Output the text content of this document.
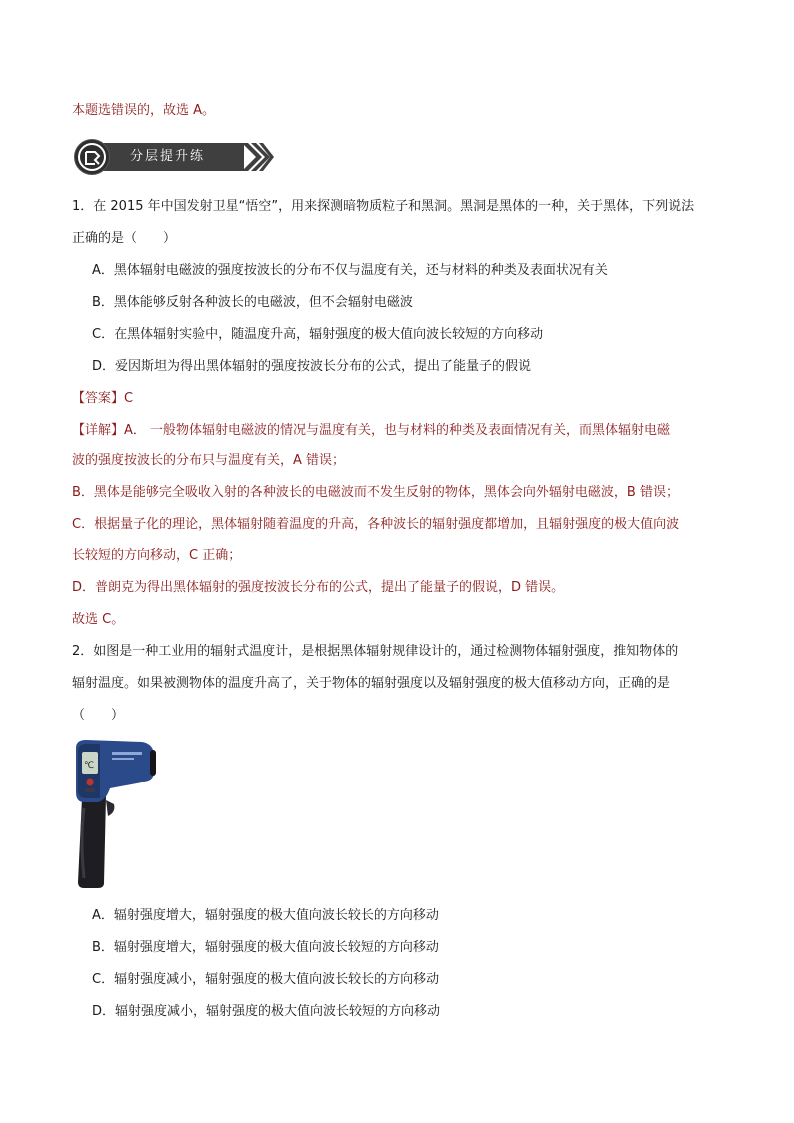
本题选错误的，故选 A。
分层提升练
1．在 2015 年中国发射卫星“悟空”，用来探测暗物质粒子和黑洞。黑洞是黑体的一种，关于黑体，下列说法
正确的是（　　）
A．黑体辐射电磁波的强度按波长的分布不仅与温度有关，还与材料的种类及表面状况有关
B．黑体能够反射各种波长的电磁波，但不会辐射电磁波
C．在黑体辐射实验中，随温度升高，辐射强度的极大值向波长较短的方向移动
D．爱因斯坦为得出黑体辐射的强度按波长分布的公式，提出了能量子的假说
【答案】C
【详解】A． 一般物体辐射电磁波的情况与温度有关，也与材料的种类及表面情况有关，而黑体辐射电磁
波的强度按波长的分布只与温度有关，A 错误；
B．黑体是能够完全吸收入射的各种波长的电磁波而不发生反射的物体，黑体会向外辐射电磁波，B 错误；
C．根据量子化的理论，黑体辐射随着温度的升高，各种波长的辐射强度都增加，且辐射强度的极大值向波
长较短的方向移动，C 正确；
D．普朗克为得出黑体辐射的强度按波长分布的公式，提出了能量子的假说，D 错误。
故选 C。
2．如图是一种工业用的辐射式温度计，是根据黑体辐射规律设计的，通过检测物体辐射强度，推知物体的
辐射温度。如果被测物体的温度升高了，关于物体的辐射强度以及辐射强度的极大值移动方向，正确的是
（　　）
℃
A．辐射强度增大，辐射强度的极大值向波长较长的方向移动
B．辐射强度增大，辐射强度的极大值向波长较短的方向移动
C．辐射强度减小，辐射强度的极大值向波长较长的方向移动
D．辐射强度减小，辐射强度的极大值向波长较短的方向移动
